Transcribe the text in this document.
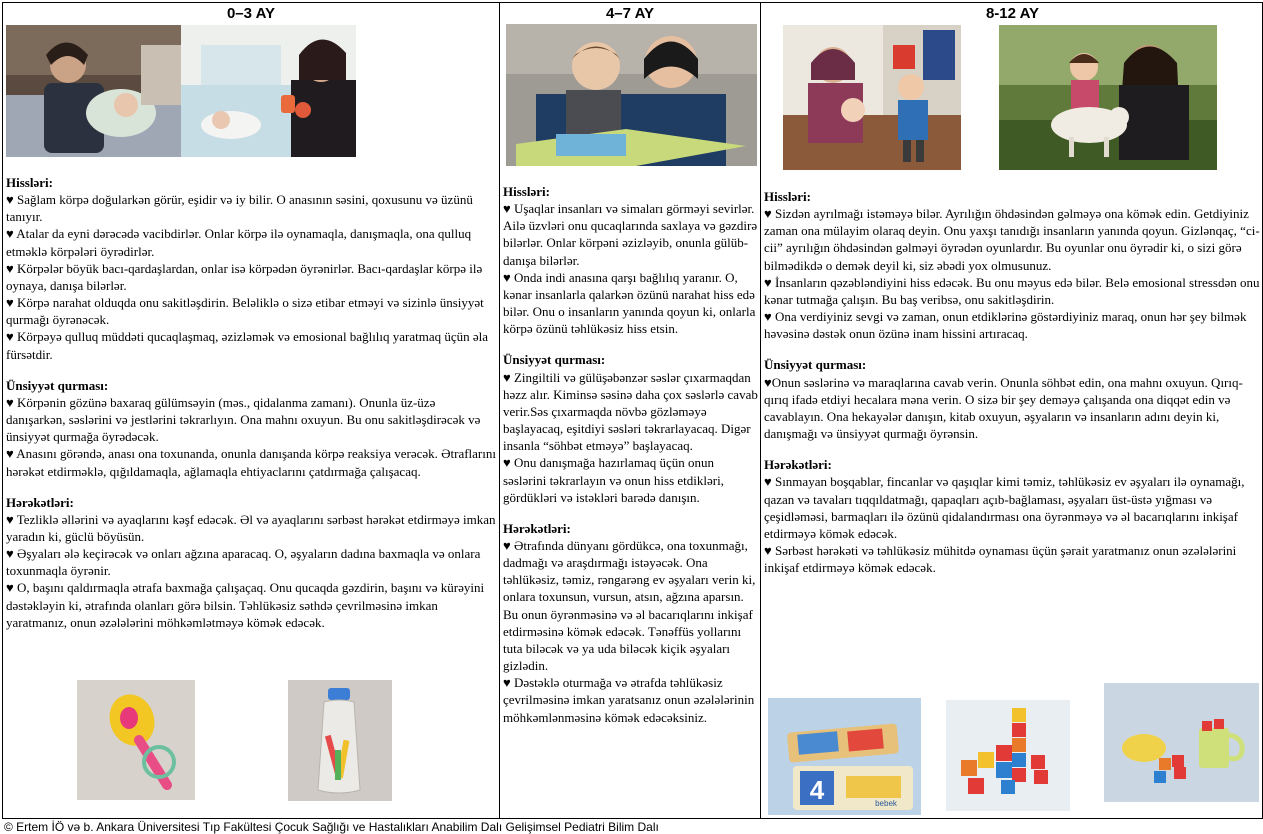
0–3 AY
Hissləri:

♥ Sağlam körpə doğularkən görür, eşidir və iy bilir. O anasının səsini, qoxusunu və üzünü tanıyır.

♥ Atalar da eyni dərəcədə vacibdirlər. Onlar körpə ilə oynamaqla, danışmaqla, ona qulluq etməklə körpələri öyrədirlər.

♥ Körpələr böyük bacı-qardaşlardan, onlar isə körpədən öyrənirlər. Bacı-qardaşlar körpə ilə oynaya, danışa bilərlər.

♥ Körpə narahat olduqda onu sakitləşdirin. Beləliklə o sizə etibar etməyi və sizinlə ünsiyyət qurmağı öyrənəcək.

♥ Körpəyə qulluq müddəti qucaqlaşmaq, əzizləmək və emosional bağlılıq yaratmaq üçün əla fürsətdir.

Ünsiyyət qurması:

♥ Körpənin gözünə baxaraq gülümsəyin (məs., qidalanma zamanı). Onunla üz-üzə danışarkən, səslərini və jestlərini təkrarlıyın. Ona mahnı oxuyun. Bu onu sakitləşdirəcək və ünsiyyət qurmağa öyrədəcək.

♥ Anasını görəndə, anası ona toxunanda, onunla danışanda körpə reaksiya verəcək. Ətraflarını hərəkət etdirməklə, qığıldamaqla, ağlamaqla ehtiyaclarını çatdırmağa çalışacaq.

Hərəkətləri:

♥ Tezliklə əllərini və ayaqlarını kəşf edəcək. Əl və ayaqlarını sərbəst hərəkət etdirməyə imkan yaradın ki, güclü böyüsün.

♥ Əşyaları ələ keçirəcək və onları ağzına aparacaq. O, əşyaların dadına baxmaqla və onlara toxunmaqla öyrənir.

♥ O, başını qaldırmaqla ətrafa baxmağa çalışaçaq. Onu qucaqda gəzdirin, başını və kürəyini dəstəkləyin ki, ətrafında olanları görə bilsin. Təhlükəsiz səthdə çevrilməsinə imkan yaratmanız, onun əzələlərini möhkəmlətməyə kömək edəcək.

4–7 AY
Hissləri:

♥ Uşaqlar insanları və simaları görməyi sevirlər. Ailə üzvləri onu qucaqlarında saxlaya və gəzdirə bilərlər. Onlar körpəni əzizləyib, onunla gülüb-danışa bilərlər.

♥ Onda indi anasına qarşı bağlılıq yaranır. O, kənar insanlarla qalarkən özünü narahat hiss edə bilər. Onu o insanların yanında qoyun ki, onlarla körpə özünü təhlükəsiz hiss etsin.

Ünsiyyət qurması:

♥ Zingiltili və gülüşəbənzər səslər çıxarmaqdan həzz alır. Kiminsə səsinə daha çox səslərlə cavab verir.Səs çıxarmaqda növbə gözləməyə başlayacaq, eşitdiyi səsləri təkrarlayacaq. Digər insanla “söhbət etməyə” başlayacaq.

♥ Onu danışmağa hazırlamaq üçün onun səslərini təkrarlayın və onun hiss etdikləri, gördükləri və istəkləri barədə danışın.

Hərəkətləri:

♥ Ətrafında dünyanı gördükcə, ona toxunmağı, dadmağı və araşdırmağı istəyəcək. Ona təhlükəsiz, təmiz, rəngarəng ev əşyaları verin ki, onlara toxunsun, vursun, atsın, ağzına aparsın. Bu onun öyrənməsinə və əl bacarıqlarını inkişaf etdirməsinə kömək edəcək. Tənəffüs yollarını tuta biləcək və ya uda biləcək kiçik əşyaları gizlədin.

♥ Dəstəklə oturmağa və ətrafda təhlükəsiz çevrilməsinə imkan yaratsanız onun əzələlərinin möhkəmlənməsinə kömək edəcəksiniz.

8-12 AY
Hissləri:

♥ Sizdən ayrılmağı istəməyə bilər. Ayrılığın öhdəsindən gəlməyə ona kömək edin. Getdiyiniz zaman ona mülayim olaraq deyin. Onu yaxşı tanıdığı insanların yanında qoyun. Gizlənqaç, “ci-cii” ayrılığın öhdəsindən gəlməyi öyrədən oyunlardır. Bu oyunlar onu öyrədir ki, o sizi görə bilmədikdə o demək deyil ki, siz əbədi yox olmusunuz.

♥ İnsanların qəzəbləndiyini hiss edəcək. Bu onu məyus edə bilər. Belə emosional stressdən onu kənar tutmağa çalışın. Bu baş veribsə, onu sakitləşdirin.

♥ Ona verdiyiniz sevgi və zaman, onun etdiklərinə göstərdiyiniz maraq, onun hər şey bilmək həvəsinə dəstək onun özünə inam hissini artıracaq.

Ünsiyyət qurması:

♥Onun səslərinə və maraqlarına cavab verin. Onunla söhbət edin, ona mahnı oxuyun. Qırıq-qırıq ifadə etdiyi hecalara məna verin. O sizə bir şey deməyə çalışanda ona diqqət edin və cavablayın. Ona hekayələr danışın, kitab oxuyun, əşyaların və insanların adını deyin ki, danışmağı və ünsiyyət qurmağı öyrənsin.

Hərəkətləri:

♥ Sınmayan boşqablar, fincanlar və qaşıqlar kimi təmiz, təhlükəsiz ev əşyaları ilə oynamağı, qazan və tavaları tıqqıldatmağı, qapaqları açıb-bağlaması, əşyaları üst-üstə yığması və çeşidləməsi, barmaqları ilə özünü qidalandırması ona öyrənməyə və əl bacarıqlarını inkişaf etdirməyə kömək edəcək.

♥ Sərbəst hərəkəti və təhlükəsiz mühitdə oynaması üçün şərait yaratmanız onun əzələlərini inkişaf etdirməyə kömək edəcək.

4	bebek
© Ertem İÖ və b. Ankara Üniversitesi Tıp Fakültesi Çocuk Sağlığı ve Hastalıkları Anabilim Dalı Gelişimsel Pediatri Bilim Dalı
